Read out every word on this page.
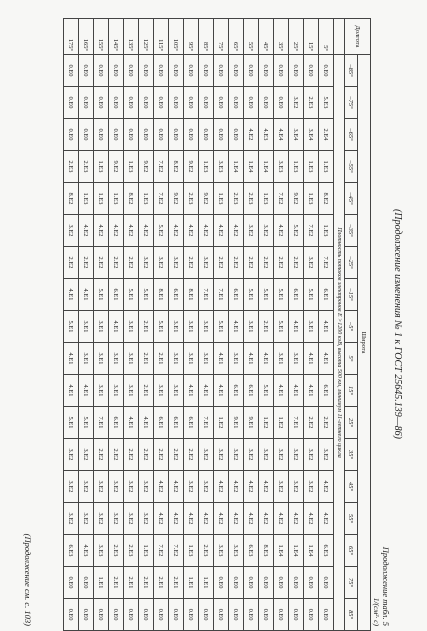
(Продолжение изменения № 1 к ГОСТ 25645.139—86)
Продолжение табл. 5
1/(см²· с)
Долгота	Широта																	
	–85°	–75°	–65°	–55°	–45°	–35°	–25°	–15°	–5°	5°	15°	25°	35°	45°	55°	65°	75°	85°
	Плотность потоков электронов E >1200 кэВ, высота 500 км, минимум 11-летнего цикла																	
5°	0.E0	5.E3	2.E4	1.E3	8.E2	1.E3	7.E2	6.E1	4.E1	4.E1	6.E1	2.E2	3.E2	4.E2	4.E2	6.E3	0.E0	0.E0
15°	0.E0	2.E3	3.E4	1.E3	1.E3	7.E2	3.E2	5.E1	3.E1	4.E1	4.E1	2.E2	3.E2	3.E2	4.E2	1.E4	0.E0	0.E0
25°	0.E0	3.E2	3.E4	1.E3	9.E2	5.E2	2.E2	6.E1	4.E1	3.E1	4.E1	7.E1	3.E2	3.E2	4.E2	1.E4	0.E0	0.E0
35°	0.E0	0.E0	4.E4	3.E3	7.E2	4.E2	2.E2	5.E1	5.E1	3.E1	4.E1	1.E2	3.E2	3.E2	4.E2	1.E4	0.E0	0.E0
45°	0.E0	0.E0	4.E3	1.E4	1.E3	3.E2	2.E2	5.E1	2.E1	4.E1	5.E1	1.E2	3.E2	4.E2	4.E2	8.E3	0.E0	0.E0
55°	0.E0	0.E0	4.E2	1.E4	2.E3	3.E2	2.E2	5.E1	3.E1	4.E1	6.E1	9.E1	3.E2	4.E2	4.E2	6.E3	0.E0	0.E0
65°	0.E0	0.E0	0.E0	1.E4	2.E3	4.E2	2.E2	6.E1	4.E1	3.E1	6.E1	9.E1	3.E2	4.E2	4.E2	3.E3	0.E0	0.E0
75°	0.E0	0.E0	0.E0	3.E3	1.E3	4.E2	2.E2	7.E1	5.E1	4.E1	4.E1	1.E2	3.E2	4.E2	4.E2	3.E3	0.E0	0.E0
85°	0.E0	0.E0	0.E0	1.E3	9.E2	4.E2	3.E2	7.E1	3.E1	3.E1	4.E1	7.E1	3.E2	3.E2	4.E2	2.E3	1.E1	0.E0
95°	0.E0	0.E0	0.E0	9.E2	2.E3	4.E2	2.E2	8.E1	3.E1	3.E1	4.E1	6.E1	2.E2	3.E2	4.E2	1.E3	1.E1	0.E0
105°	0.E0	0.E0	0.E0	8.E2	9.E2	4.E2	3.E2	6.E1	3.E1	3.E1	3.E1	6.E1	2.E2	4.E2	4.E2	7.E2	2.E1	0.E0
115°	0.E0	0.E0	0.E0	7.E2	7.E2	5.E2	3.E2	8.E1	5.E1	2.E1	3.E1	6.E1	2.E2	4.E2	4.E2	7.E2	2.E1	0.E0
125°	0.E0	0.E0	0.E0	9.E2	1.E3	4.E2	3.E2	5.E1	2.E1	2.E1	2.E1	4.E1	2.E2	3.E2	3.E2	1.E3	2.E1	0.E0
135°	0.E0	0.E0	0.E0	1.E3	8.E2	4.E2	2.E2	5.E1	3.E1	3.E1	3.E1	4.E1	2.E2	3.E2	3.E2	2.E3	2.E1	0.E0
145°	0.E0	0.E0	0.E0	9.E2	1.E3	4.E2	2.E2	6.E1	4.E1	3.E1	3.E1	6.E1	2.E2	3.E2	3.E2	2.E3	2.E1	0.E0
155°	0.E0	0.E0	0.E0	1.E3	1.E3	4.E2	2.E2	5.E1	3.E1	3.E1	3.E1	7.E1	2.E2	3.E2	3.E2	3.E3	1.E1	0.E0
165°	0.E0	0.E0	0.E0	2.E3	1.E3	4.E2	2.E2	4.E1	3.E1	3.E1	4.E1	5.E1	3.E2	3.E2	3.E2	4.E3	0.E0	0.E0
175°	0.E0	0.E0	0.E0	2.E3	8.E2	3.E2	2.E2	4.E1	5.E1	4.E1	4.E1	5.E1	3.E2	3.E2	3.E2	6.E3	0.E0	0.E0
(Продолжение см. с. 103)
